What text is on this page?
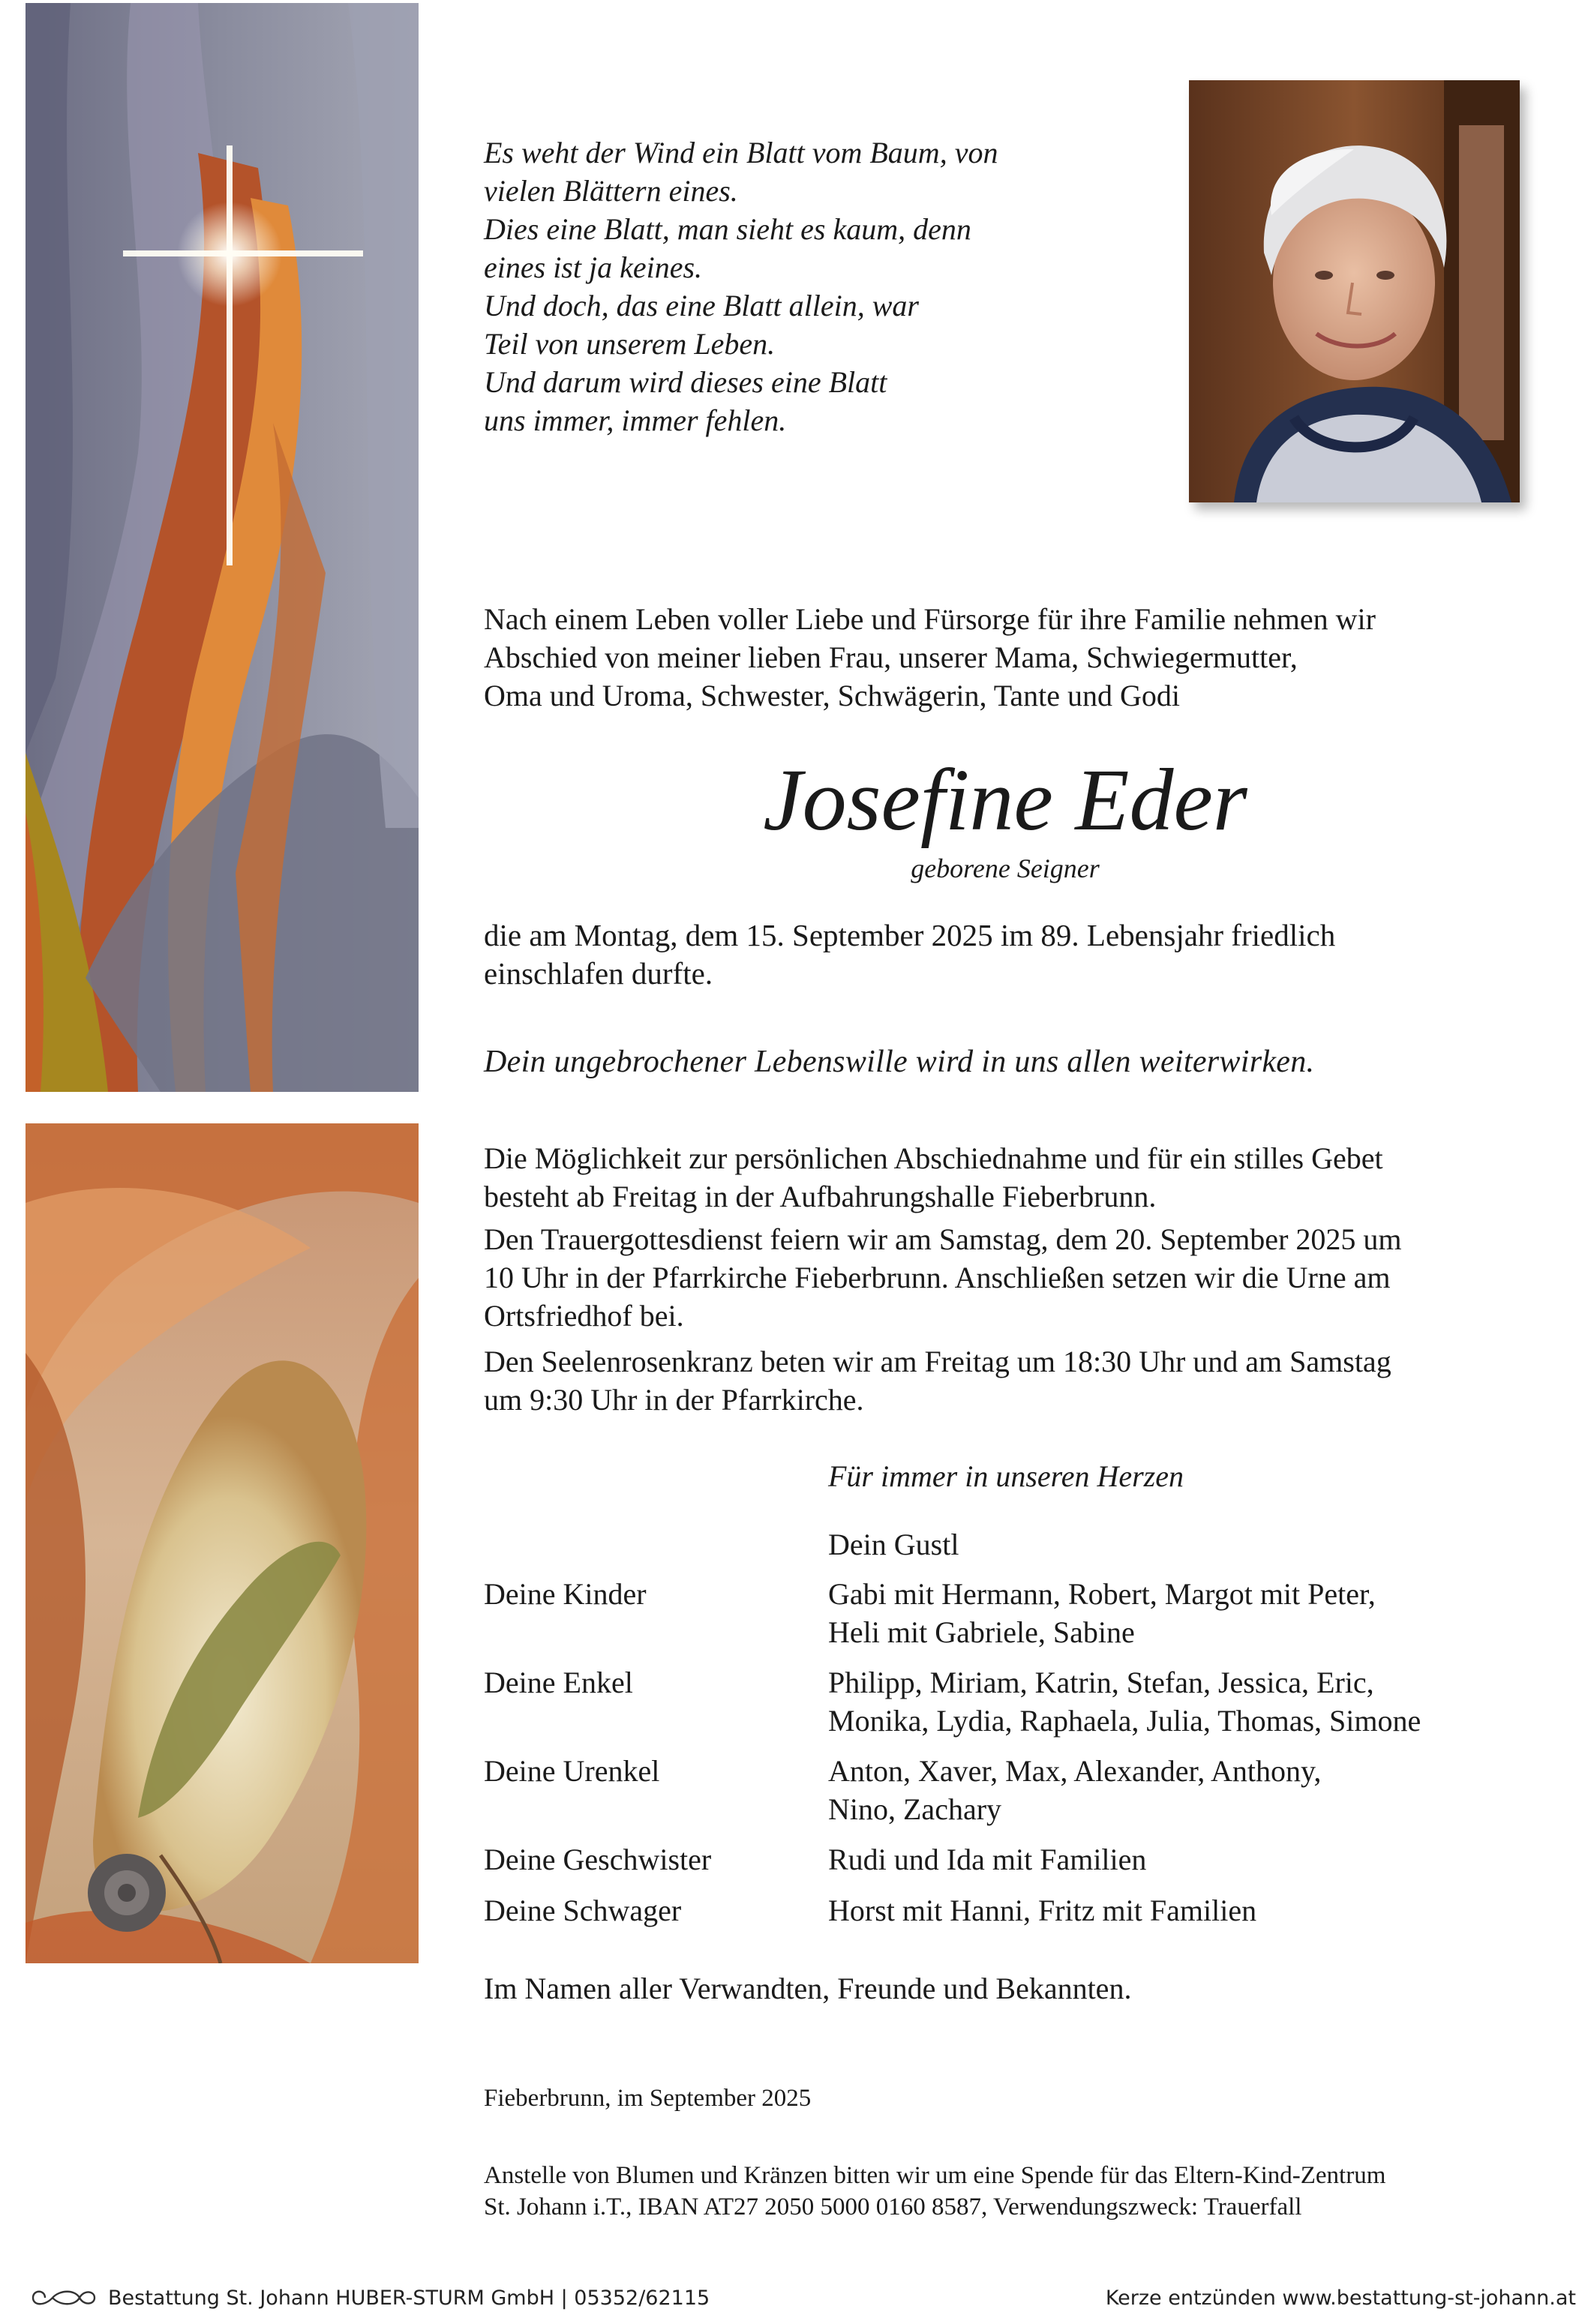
Es weht der Wind ein Blatt vom Baum, von
vielen Blättern eines.
Dies eine Blatt, man sieht es kaum, denn
eines ist ja keines.
Und doch, das eine Blatt allein, war
Teil von unserem Leben.
Und darum wird dieses eine Blatt
uns immer, immer fehlen.
Nach einem Leben voller Liebe und Fürsorge für ihre Familie nehmen wir
Abschied von meiner lieben Frau, unserer Mama, Schwiegermutter,
Oma und Uroma, Schwester, Schwägerin, Tante und Godi
Josefine Eder
geborene Seigner
die am Montag, dem 15. September 2025 im 89. Lebensjahr friedlich
einschlafen durfte.
Dein ungebrochener Lebenswille wird in uns allen weiterwirken.
Die Möglichkeit zur persönlichen Abschiednahme und für ein stilles Gebet
besteht ab Freitag in der Aufbahrungshalle Fieberbrunn.
Den Trauergottesdienst feiern wir am Samstag, dem 20. September 2025 um
10 Uhr in der Pfarrkirche Fieberbrunn. Anschließen setzen wir die Urne am
Ortsfriedhof bei.
Den Seelenrosenkranz beten wir am Freitag um 18:30 Uhr und am Samstag
um 9:30 Uhr in der Pfarrkirche.
Für immer in unseren Herzen
Dein Gustl
Deine Kinder	Gabi mit Hermann, Robert, Margot mit Peter,
Heli mit Gabriele, Sabine
Deine Enkel	Philipp, Miriam, Katrin, Stefan, Jessica, Eric,
Monika, Lydia, Raphaela, Julia, Thomas, Simone
Deine Urenkel	Anton, Xaver, Max, Alexander, Anthony,
Nino, Zachary
Deine Geschwister	Rudi und Ida mit Familien
Deine Schwager	Horst mit Hanni, Fritz mit Familien
Im Namen aller Verwandten, Freunde und Bekannten.
Fieberbrunn, im September 2025
Anstelle von Blumen und Kränzen bitten wir um eine Spende für das Eltern-Kind-Zentrum
St. Johann i.T., IBAN AT27 2050 5000 0160 8587, Verwendungszweck: Trauerfall
Bestattung St. Johann HUBER-STURM GmbH | 05352/62115	Kerze entzünden www.bestattung-st-johann.at
